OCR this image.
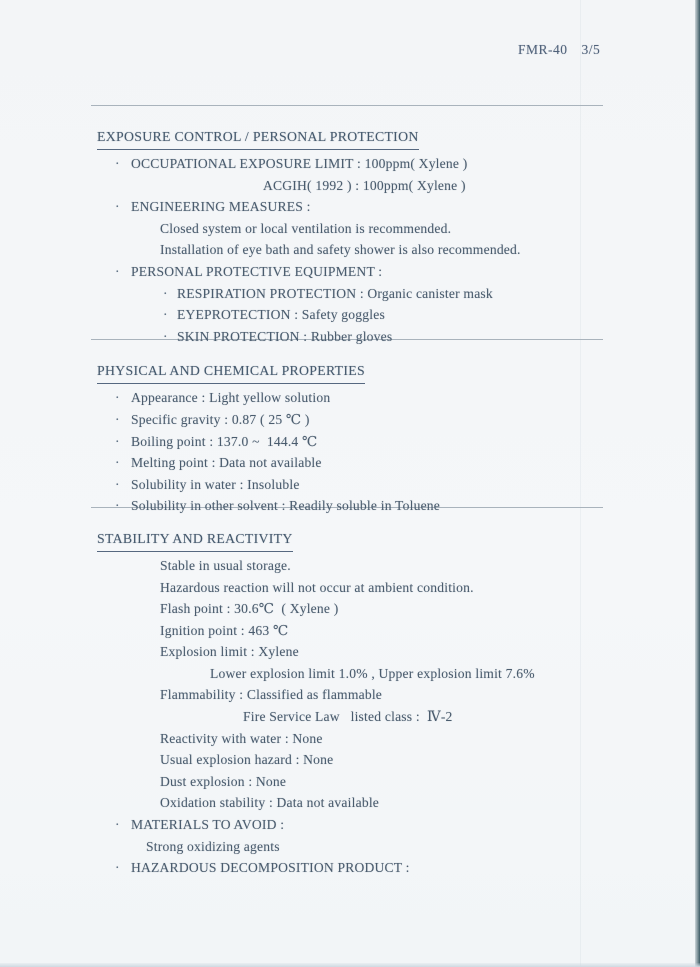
FMR-40 3/5
EXPOSURE CONTROL / PERSONAL PROTECTION
· OCCUPATIONAL EXPOSURE LIMIT : 100ppm( Xylene )
ACGIH( 1992 ) : 100ppm( Xylene )
· ENGINEERING MEASURES :
Closed system or local ventilation is recommended.
Installation of eye bath and safety shower is also recommended.
· PERSONAL PROTECTIVE EQUIPMENT :
· RESPIRATION PROTECTION : Organic canister mask
· EYEPROTECTION : Safety goggles
· SKIN PROTECTION : Rubber gloves
PHYSICAL AND CHEMICAL PROPERTIES
· Appearance : Light yellow solution
· Specific gravity : 0.87 ( 25 ℃ )
· Boiling point : 137.0 ~  144.4 ℃
· Melting point : Data not available
· Solubility in water : Insoluble
· Solubility in other solvent : Readily soluble in Toluene
STABILITY AND REACTIVITY
Stable in usual storage.
Hazardous reaction will not occur at ambient condition.
Flash point : 30.6℃  ( Xylene )
Ignition point : 463 ℃
Explosion limit : Xylene
Lower explosion limit 1.0% , Upper explosion limit 7.6%
Flammability : Classified as flammable
Fire Service Law   listed class :  Ⅳ-2
Reactivity with water : None
Usual explosion hazard : None
Dust explosion : None
Oxidation stability : Data not available
· MATERIALS TO AVOID :
Strong oxidizing agents
· HAZARDOUS DECOMPOSITION PRODUCT :
